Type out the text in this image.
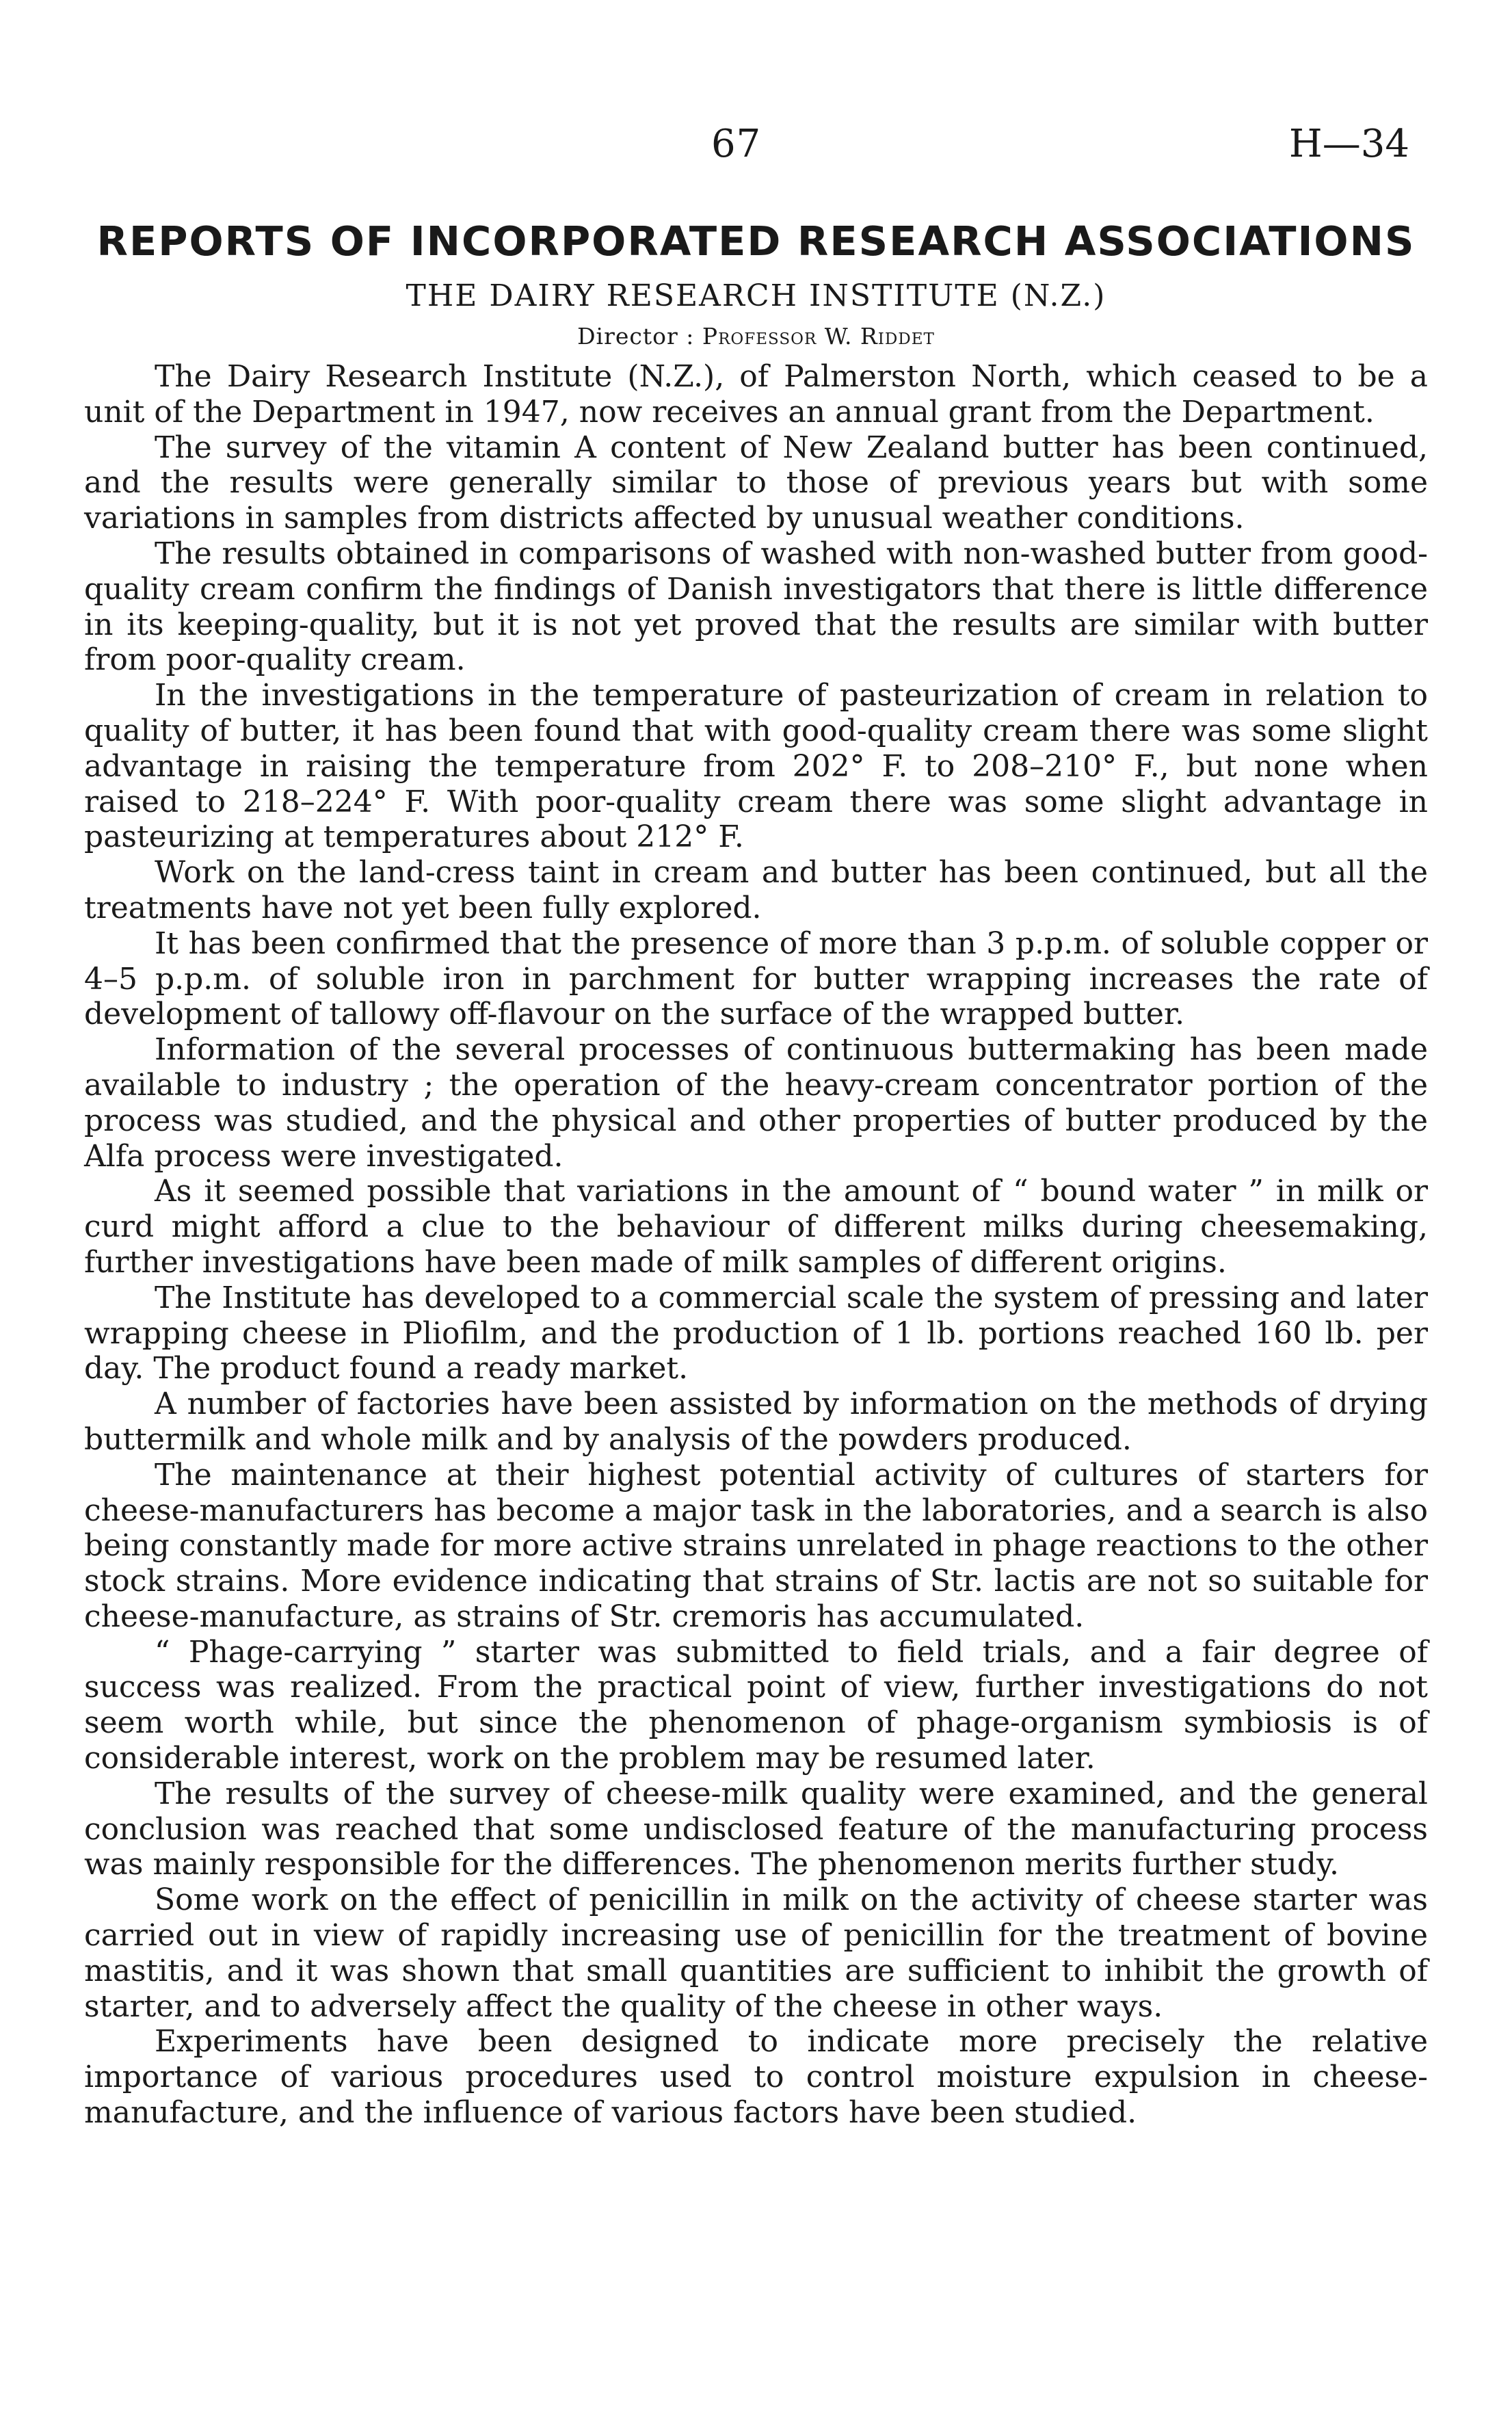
67	H—34
REPORTS OF INCORPORATED RESEARCH ASSOCIATIONS
THE DAIRY RESEARCH INSTITUTE (N.Z.)
Director : Professor W. Riddet

The Dairy Research Institute (N.Z.), of Palmerston North, which ceased to be a unit of the Department in 1947, now receives an annual grant from the Department.

The survey of the vitamin A content of New Zealand butter has been continued, and the results were generally similar to those of previous years but with some variations in samples from districts affected by unusual weather conditions.

The results obtained in comparisons of washed with non-washed butter from good-quality cream confirm the findings of Danish investigators that there is little difference in its keeping-quality, but it is not yet proved that the results are similar with butter from poor-quality cream.

In the investigations in the temperature of pasteurization of cream in relation to quality of butter, it has been found that with good-quality cream there was some slight advantage in raising the temperature from 202° F. to 208–210° F., but none when raised to 218–224° F. With poor-quality cream there was some slight advantage in pasteurizing at temperatures about 212° F.

Work on the land-cress taint in cream and butter has been continued, but all the treatments have not yet been fully explored.

It has been confirmed that the presence of more than 3 p.p.m. of soluble copper or 4–5 p.p.m. of soluble iron in parchment for butter wrapping increases the rate of development of tallowy off-flavour on the surface of the wrapped butter.

Information of the several processes of continuous buttermaking has been made available to industry ; the operation of the heavy-cream concentrator portion of the process was studied, and the physical and other properties of butter produced by the Alfa process were investigated.

As it seemed possible that variations in the amount of “ bound water ” in milk or curd might afford a clue to the behaviour of different milks during cheesemaking, further investigations have been made of milk samples of different origins.

The Institute has developed to a commercial scale the system of pressing and later wrapping cheese in Pliofilm, and the production of 1 lb. portions reached 160 lb. per day. The product found a ready market.

A number of factories have been assisted by information on the methods of drying buttermilk and whole milk and by analysis of the powders produced.

The maintenance at their highest potential activity of cultures of starters for cheese-manufacturers has become a major task in the laboratories, and a search is also being constantly made for more active strains unrelated in phage reactions to the other stock strains. More evidence indicating that strains of Str. lactis are not so suitable for cheese-manufacture, as strains of Str. cremoris has accumulated.

“ Phage-carrying ” starter was submitted to field trials, and a fair degree of success was realized. From the practical point of view, further investigations do not seem worth while, but since the phenomenon of phage-organism symbiosis is of considerable interest, work on the problem may be resumed later.

The results of the survey of cheese-milk quality were examined, and the general conclusion was reached that some undisclosed feature of the manufacturing process was mainly responsible for the differences. The phenomenon merits further study.

Some work on the effect of penicillin in milk on the activity of cheese starter was carried out in view of rapidly increasing use of penicillin for the treatment of bovine mastitis, and it was shown that small quantities are sufficient to inhibit the growth of starter, and to adversely affect the quality of the cheese in other ways.

Experiments have been designed to indicate more precisely the relative importance of various procedures used to control moisture expulsion in cheese-manufacture, and the influence of various factors have been studied.
